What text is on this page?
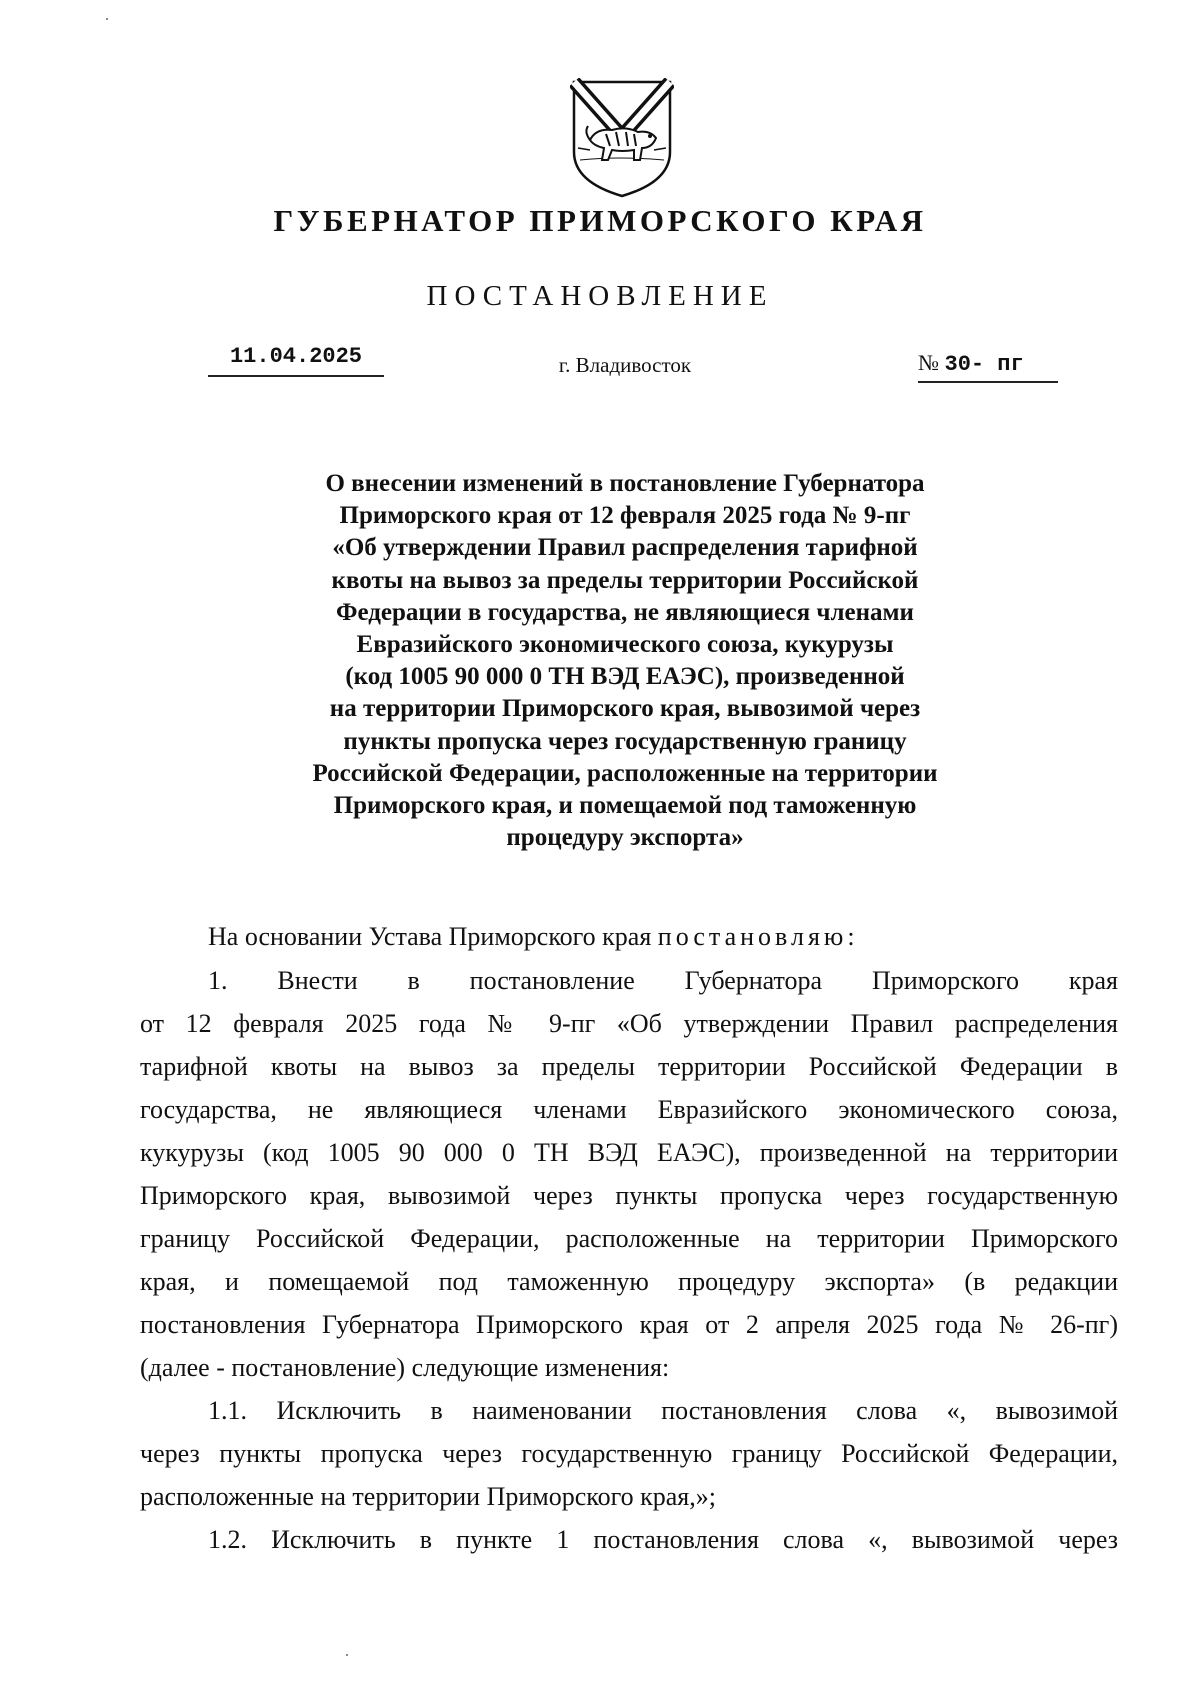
ГУБЕРНАТОР ПРИМОРСКОГО КРАЯ
ПОСТАНОВЛЕНИЕ
11.04.2025	г. Владивосток	№ 30- пг
О внесении изменений в постановление Губернатора
Приморского края от 12 февраля 2025 года № 9-пг
«Об утверждении Правил распределения тарифной
квоты на вывоз за пределы территории Российской
Федерации в государства, не являющиеся членами
Евразийского экономического союза, кукурузы
(код 1005 90 000 0 ТН ВЭД ЕАЭС), произведенной
на территории Приморского края, вывозимой через
пункты пропуска через государственную границу
Российской Федерации, расположенные на территории
Приморского края, и помещаемой под таможенную
процедуру экспорта»
На основании Устава Приморского края постановляю:
1. Внести в постановление Губернатора Приморского края
от 12 февраля 2025 года № 9-пг «Об утверждении Правил распределения
тарифной квоты на вывоз за пределы территории Российской Федерации в
государства, не являющиеся членами Евразийского экономического союза,
кукурузы (код 1005 90 000 0 ТН ВЭД ЕАЭС), произведенной на территории
Приморского края, вывозимой через пункты пропуска через государственную
границу Российской Федерации, расположенные на территории Приморского
края, и помещаемой под таможенную процедуру экспорта» (в редакции
постановления Губернатора Приморского края от 2 апреля 2025 года № 26-пг)
(далее - постановление) следующие изменения:
1.1. Исключить в наименовании постановления слова «, вывозимой
через пункты пропуска через государственную границу Российской Федерации,
расположенные на территории Приморского края,»;
1.2. Исключить в пункте 1 постановления слова «, вывозимой через
